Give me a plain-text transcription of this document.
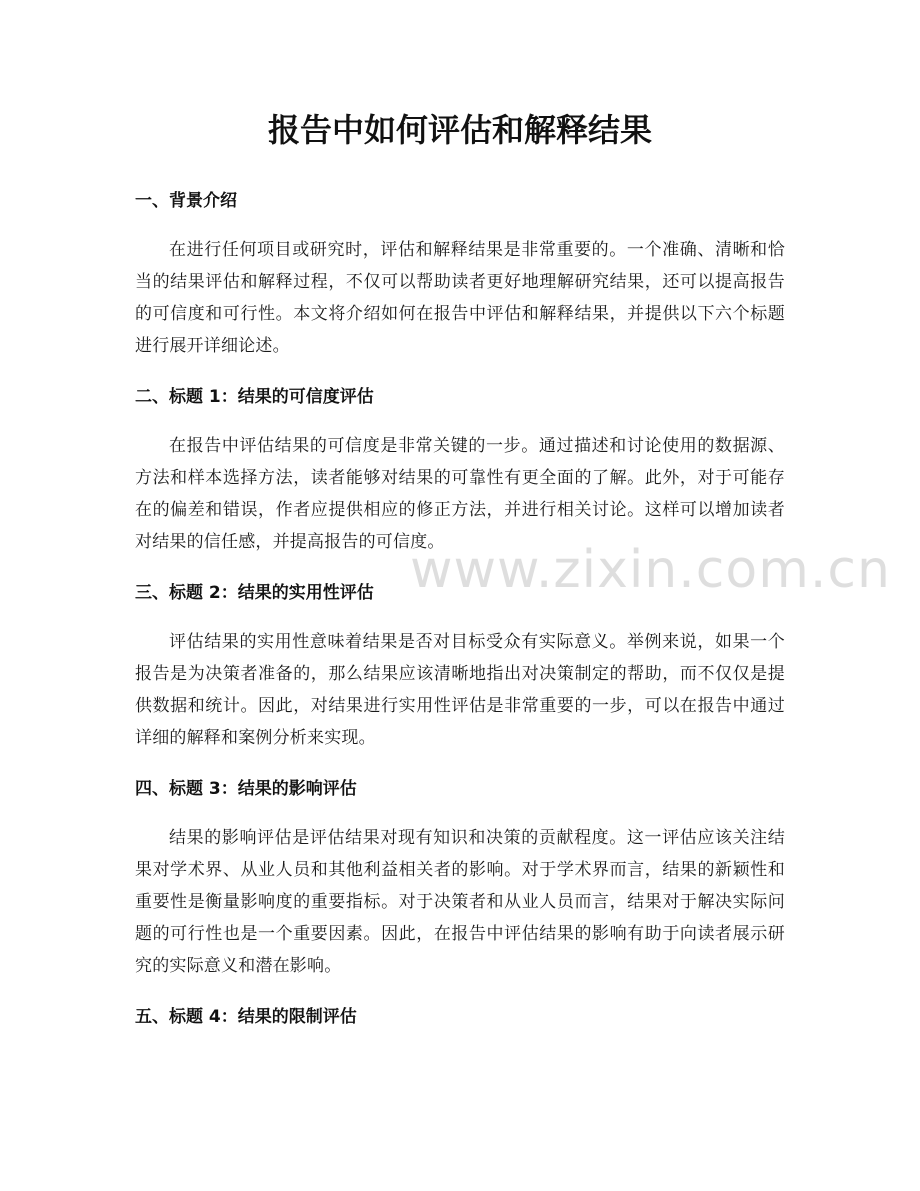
报告中如何评估和解释结果
一、背景介绍

在进行任何项目或研究时，评估和解释结果是非常重要的。一个准确、清晰和恰当的结果评估和解释过程，不仅可以帮助读者更好地理解研究结果，还可以提高报告的可信度和可行性。本文将介绍如何在报告中评估和解释结果，并提供以下六个标题进行展开详细论述。

二、标题 1：结果的可信度评估

在报告中评估结果的可信度是非常关键的一步。通过描述和讨论使用的数据源、方法和样本选择方法，读者能够对结果的可靠性有更全面的了解。此外，对于可能存在的偏差和错误，作者应提供相应的修正方法，并进行相关讨论。这样可以增加读者对结果的信任感，并提高报告的可信度。

三、标题 2：结果的实用性评估

评估结果的实用性意味着结果是否对目标受众有实际意义。举例来说，如果一个报告是为决策者准备的，那么结果应该清晰地指出对决策制定的帮助，而不仅仅是提供数据和统计。因此，对结果进行实用性评估是非常重要的一步，可以在报告中通过详细的解释和案例分析来实现。

四、标题 3：结果的影响评估

结果的影响评估是评估结果对现有知识和决策的贡献程度。这一评估应该关注结果对学术界、从业人员和其他利益相关者的影响。对于学术界而言，结果的新颖性和重要性是衡量影响度的重要指标。对于决策者和从业人员而言，结果对于解决实际问题的可行性也是一个重要因素。因此，在报告中评估结果的影响有助于向读者展示研究的实际意义和潜在影响。

五、标题 4：结果的限制评估
www.zixin.com.cn
